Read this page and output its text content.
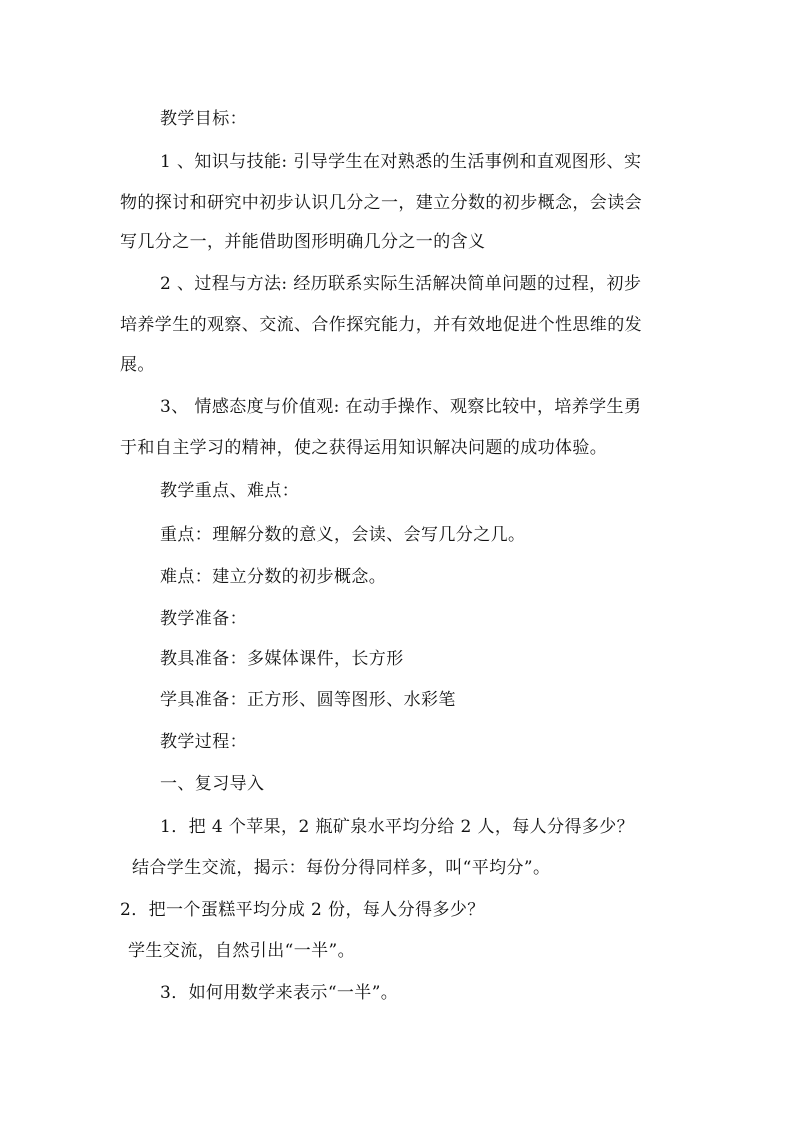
教学目标：
1 、知识与技能: 引导学生在对熟悉的生活事例和直观图形、实
物的探讨和研究中初步认识几分之一，建立分数的初步概念，会读会
写几分之一，并能借助图形明确几分之一的含义
2 、过程与方法: 经历联系实际生活解决简单问题的过程，初步
培养学生的观察、交流、合作探究能力，并有效地促进个性思维的发
展。
3、 情感态度与价值观: 在动手操作、观察比较中，培养学生勇
于和自主学习的精神，使之获得运用知识解决问题的成功体验。
教学重点、难点：
重点：理解分数的意义，会读、会写几分之几。
难点：建立分数的初步概念。
教学准备：
教具准备：多媒体课件，长方形
学具准备：正方形、圆等图形、水彩笔
教学过程：
一、复习导入
1．把 4 个苹果，2 瓶矿泉水平均分给 2 人，每人分得多少？
结合学生交流，揭示：每份分得同样多，叫“平均分”。
2．把一个蛋糕平均分成 2 份，每人分得多少？
学生交流，自然引出“一半”。
3．如何用数学来表示“一半”。
